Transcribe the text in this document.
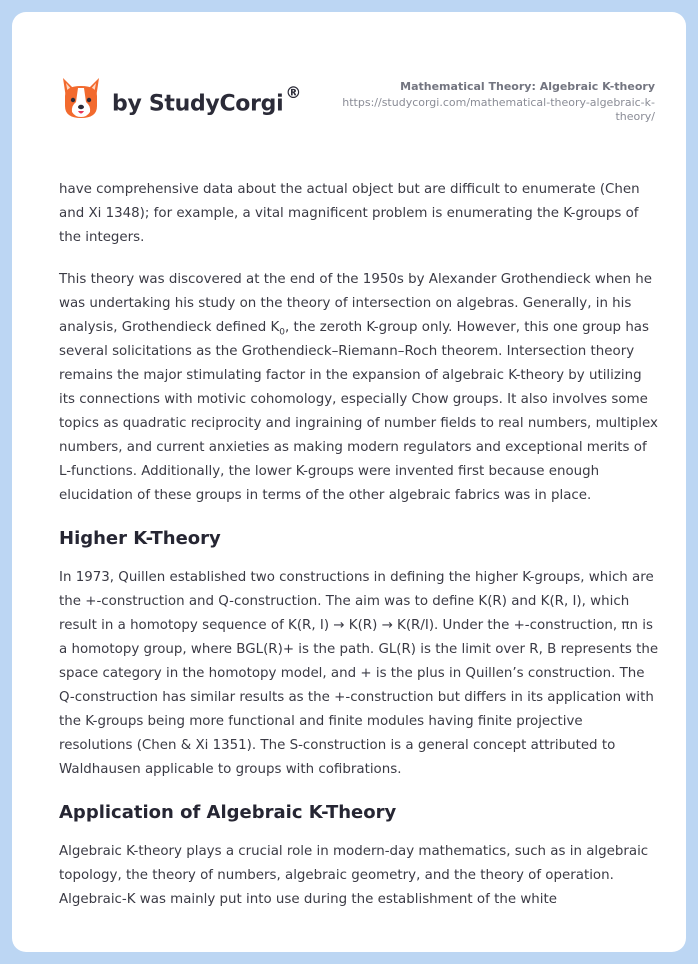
by StudyCorgi ®	Mathematical Theory: Algebraic K-theory
https://studycorgi.com/mathematical-theory-algebraic-k-theory/

have comprehensive data about the actual object but are difficult to enumerate (Chen and Xi 1348); for example, a vital magnificent problem is enumerating the K-groups of the integers.

This theory was discovered at the end of the 1950s by Alexander Grothendieck when he was undertaking his study on the theory of intersection on algebras. Generally, in his analysis, Grothendieck defined $K_0$, the zeroth K-group only. However, this one group has several solicitations as the Grothendieck–Riemann–Roch theorem. Intersection theory remains the major stimulating factor in the expansion of algebraic K-theory by utilizing its connections with motivic cohomology, especially Chow groups. It also involves some topics as quadratic reciprocity and ingraining of number fields to real numbers, multiplex numbers, and current anxieties as making modern regulators and exceptional merits of L-functions. Additionally, the lower K-groups were invented first because enough elucidation of these groups in terms of the other algebraic fabrics was in place.

Higher K-Theory

In 1973, Quillen established two constructions in defining the higher K-groups, which are the +-construction and Q-construction. The aim was to define K(R) and K(R, I), which result in a homotopy sequence of K(R, I) → K(R) → K(R/I). Under the +-construction, πn is a homotopy group, where BGL(R)+ is the path. GL(R) is the limit over R, B represents the space category in the homotopy model, and + is the plus in Quillen’s construction. The Q-construction has similar results as the +-construction but differs in its application with the K-groups being more functional and finite modules having finite projective resolutions (Chen & Xi 1351). The S-construction is a general concept attributed to Waldhausen applicable to groups with cofibrations.

Application of Algebraic K-Theory

Algebraic K-theory plays a crucial role in modern-day mathematics, such as in algebraic topology, the theory of numbers, algebraic geometry, and the theory of operation. Algebraic-K was mainly put into use during the establishment of the white
